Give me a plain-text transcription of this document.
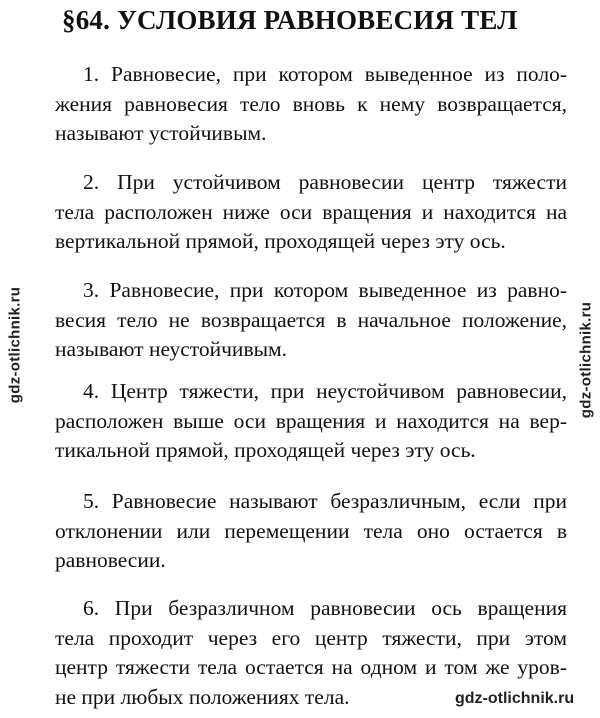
§64. УСЛОВИЯ РАВНОВЕСИЯ ТЕЛ
1. Равновесие, при котором выведенное из поло-
жения равновесия тело вновь к нему возвращается,
называют устойчивым.
2. При устойчивом равновесии центр тяжести
тела расположен ниже оси вращения и находится на
вертикальной прямой, проходящей через эту ось.
3. Равновесие, при котором выведенное из равно-
весия тело не возвращается в начальное положение,
называют неустойчивым.
4. Центр тяжести, при неустойчивом равновесии,
расположен выше оси вращения и находится на вер-
тикальной прямой, проходящей через эту ось.
5. Равновесие называют безразличным, если при
отклонении или перемещении тела оно остается в
равновесии.
6. При безразличном равновесии ось вращения
тела проходит через его центр тяжести, при этом
центр тяжести тела остается на одном и том же уров-
не при любых положениях тела.
gdz-otlichnik.ru	gdz-otlichnik.ru
gdz-otlichnik.ru
